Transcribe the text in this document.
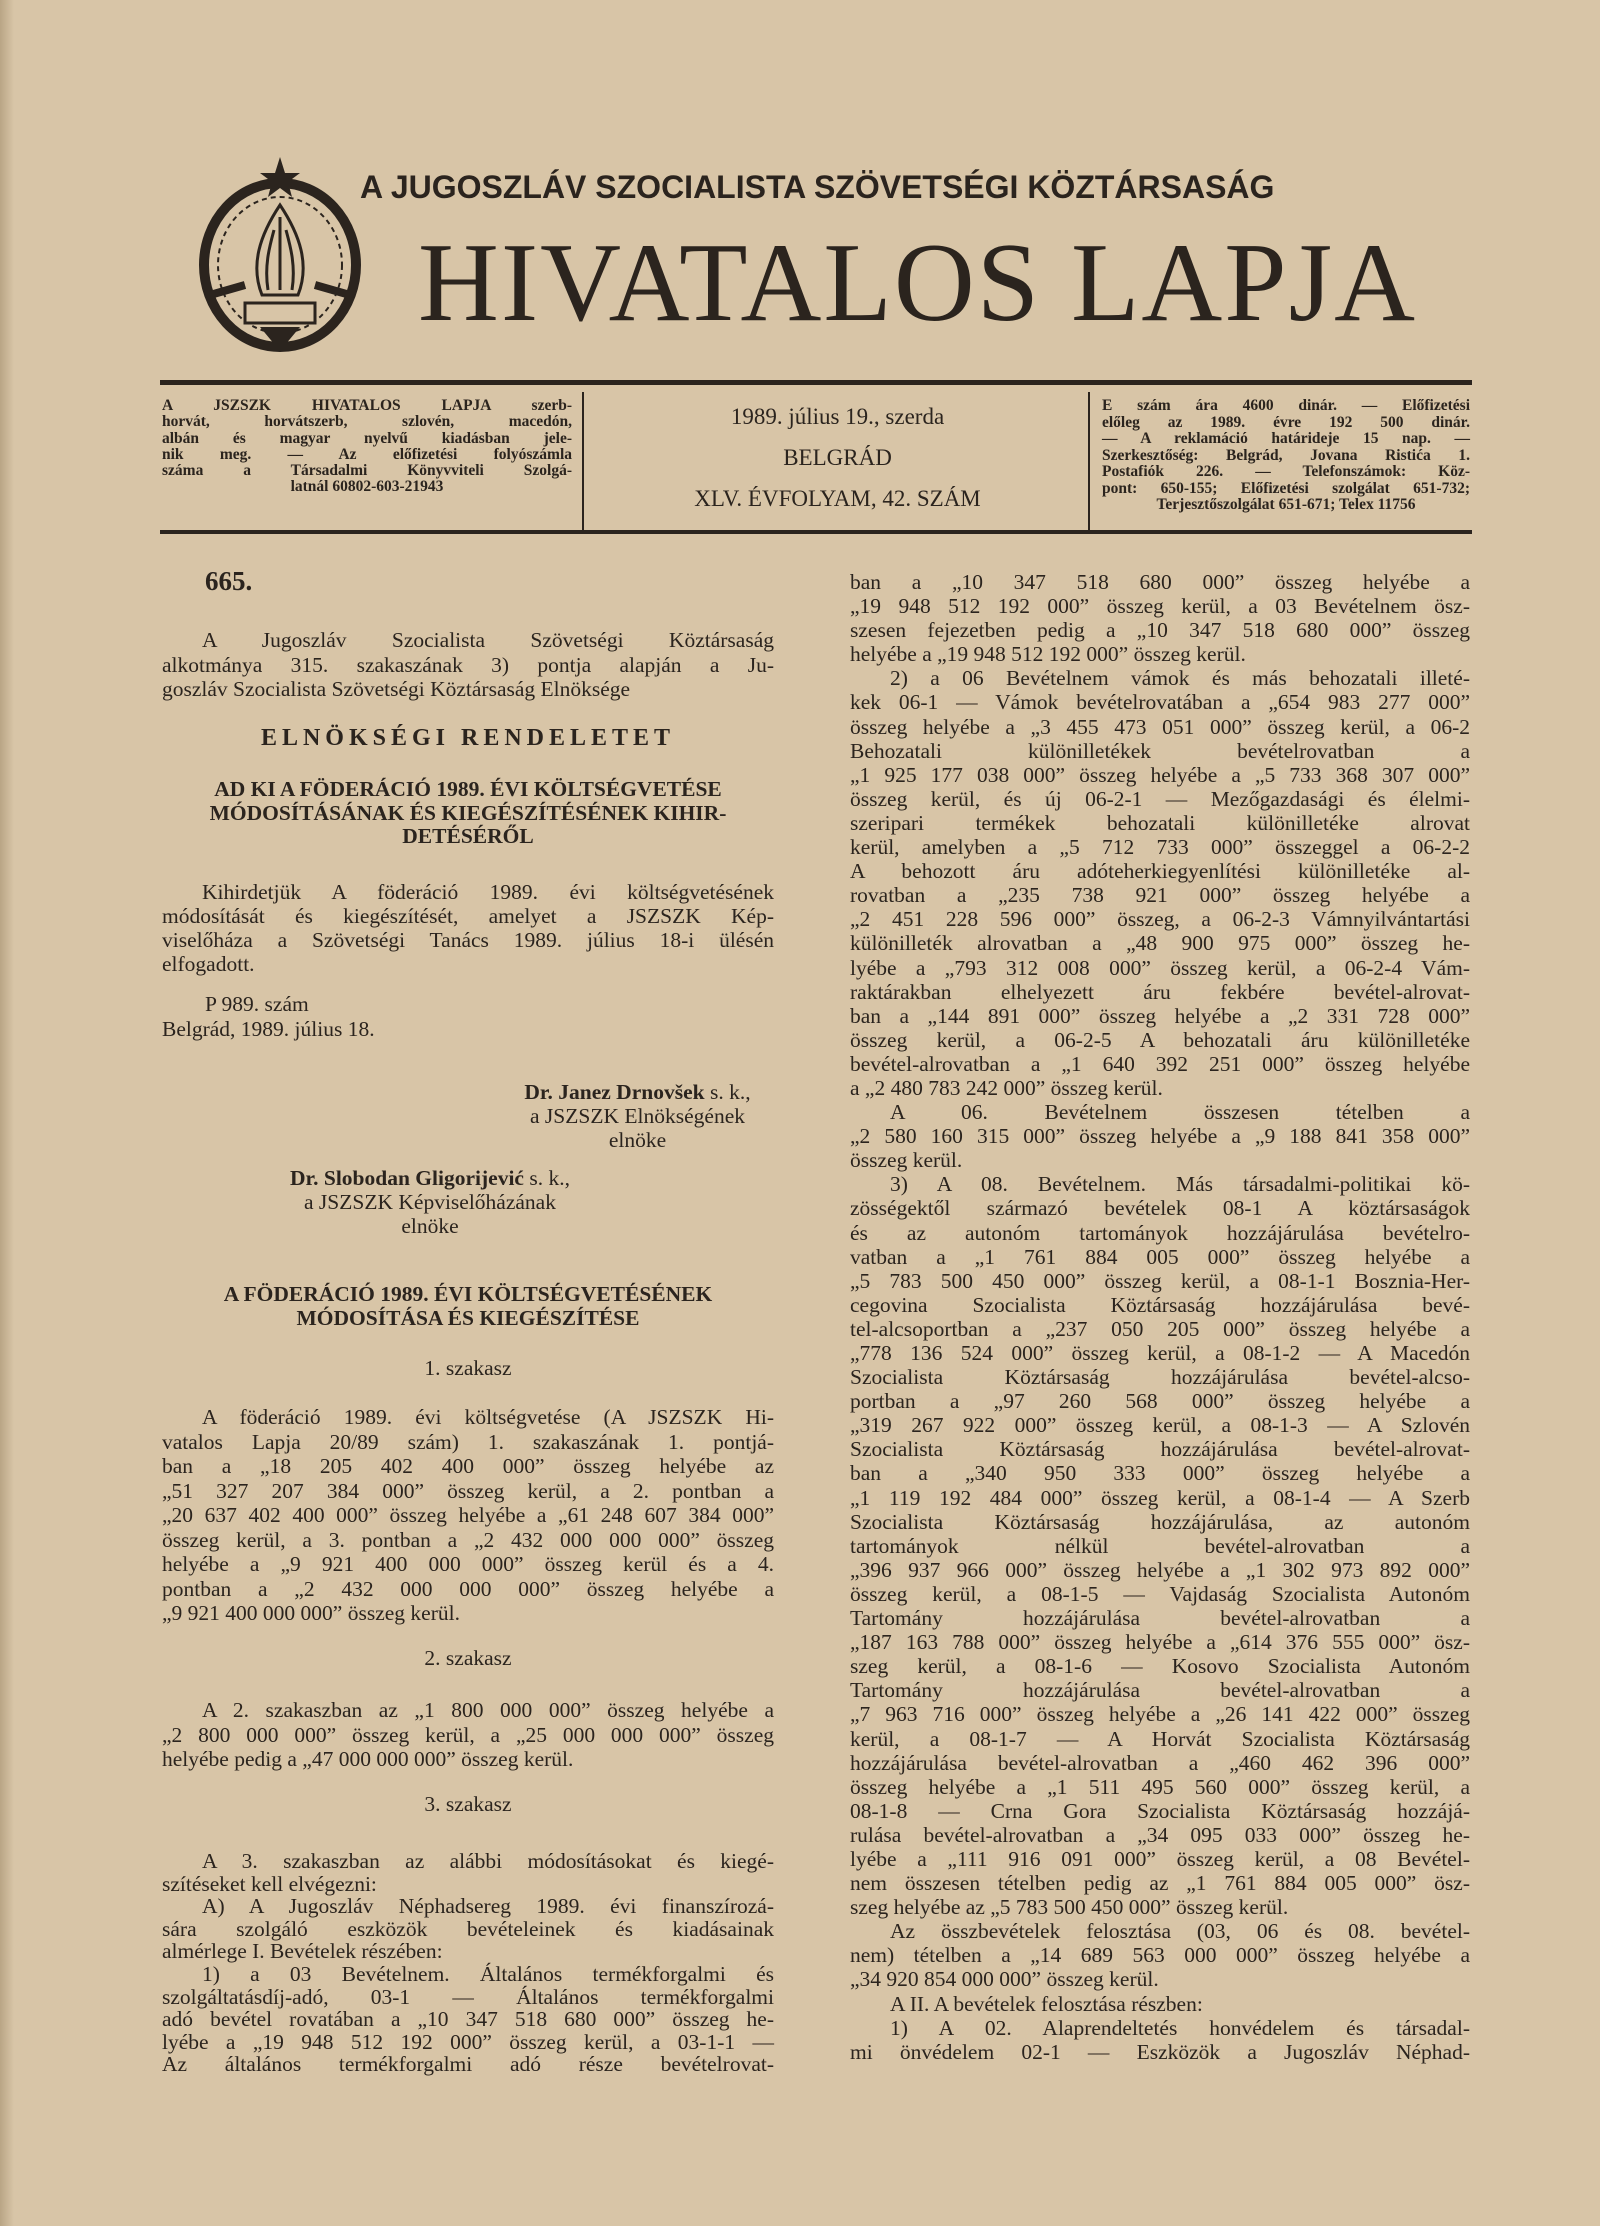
A JUGOSZLÁV SZOCIALISTA SZÖVETSÉGI KÖZTÁRSASÁG
HIVATALOS LAPJA
A JSZSZK HIVATALOS LAPJA szerb-
horvát, horvátszerb, szlovén, macedón,
albán és magyar nyelvű kiadásban jele-
nik meg. — Az előfizetési folyószámla
száma a Társadalmi Könyvviteli Szolgá-
latnál 60802-603-21943
1989. július 19., szerda
BELGRÁD
XLV. ÉVFOLYAM, 42. SZÁM
E szám ára 4600 dinár. — Előfizetési
előleg az 1989. évre 192 500 dinár.
— A reklamáció határideje 15 nap. —
Szerkesztőség: Belgrád, Jovana Ristića 1.
Postafiók 226. — Telefonszámok: Köz-
pont: 650-155; Előfizetési szolgálat 651-732;
Terjesztőszolgálat 651-671; Telex 11756
665.
A Jugoszláv Szocialista Szövetségi Köztársaság
alkotmánya 315. szakaszának 3) pontja alapján a Ju-
goszláv Szocialista Szövetségi Köztársaság Elnöksége
ELNÖKSÉGI RENDELETET
AD KI A FÖDERÁCIÓ 1989. ÉVI KÖLTSÉGVETÉSE
MÓDOSÍTÁSÁNAK ÉS KIEGÉSZÍTÉSÉNEK KIHIR-
DETÉSÉRŐL
Kihirdetjük A föderáció 1989. évi költségvetésének
módosítását és kiegészítését, amelyet a JSZSZK Kép-
viselőháza a Szövetségi Tanács 1989. július 18-i ülésén
elfogadott.
P 989. szám
Belgrád, 1989. július 18.
Dr. Janez Drnovšek s. k.,
a JSZSZK Elnökségének
elnöke
Dr. Slobodan Gligorijević s. k.,
a JSZSZK Képviselőházának
elnöke
A FÖDERÁCIÓ 1989. ÉVI KÖLTSÉGVETÉSÉNEK
MÓDOSÍTÁSA ÉS KIEGÉSZÍTÉSE
1. szakasz
A föderáció 1989. évi költségvetése (A JSZSZK Hi-
vatalos Lapja 20/89 szám) 1. szakaszának 1. pontjá-
ban a „18 205 402 400 000” összeg helyébe az
„51 327 207 384 000” összeg kerül, a 2. pontban a
„20 637 402 400 000” összeg helyébe a „61 248 607 384 000”
összeg kerül, a 3. pontban a „2 432 000 000 000” összeg
helyébe a „9 921 400 000 000” összeg kerül és a 4.
pontban a „2 432 000 000 000” összeg helyébe a
„9 921 400 000 000” összeg kerül.
2. szakasz
A 2. szakaszban az „1 800 000 000” összeg helyébe a
„2 800 000 000” összeg kerül, a „25 000 000 000” összeg
helyébe pedig a „47 000 000 000” összeg kerül.
3. szakasz
A 3. szakaszban az alábbi módosításokat és kiegé-
szítéseket kell elvégezni:
A) A Jugoszláv Néphadsereg 1989. évi finanszírozá-
sára szolgáló eszközök bevételeinek és kiadásainak
almérlege I. Bevételek részében:
1) a 03 Bevételnem. Általános termékforgalmi és
szolgáltatásdíj-adó, 03-1 — Általános termékforgalmi
adó bevétel rovatában a „10 347 518 680 000” összeg he-
lyébe a „19 948 512 192 000” összeg kerül, a 03-1-1 —
Az általános termékforgalmi adó része bevételrovat-
ban a „10 347 518 680 000” összeg helyébe a
„19 948 512 192 000” összeg kerül, a 03 Bevételnem ösz-
szesen fejezetben pedig a „10 347 518 680 000” összeg
helyébe a „19 948 512 192 000” összeg kerül.
2) a 06 Bevételnem vámok és más behozatali illeté-
kek 06-1 — Vámok bevételrovatában a „654 983 277 000”
összeg helyébe a „3 455 473 051 000” összeg kerül, a 06-2
Behozatali különilletékek bevételrovatban a
„1 925 177 038 000” összeg helyébe a „5 733 368 307 000”
összeg kerül, és új 06-2-1 — Mezőgazdasági és élelmi-
szeripari termékek behozatali különilletéke alrovat
kerül, amelyben a „5 712 733 000” összeggel a 06-2-2
A behozott áru adóteherkiegyenlítési különilletéke al-
rovatban a „235 738 921 000” összeg helyébe a
„2 451 228 596 000” összeg, a 06-2-3 Vámnyilvántartási
különilleték alrovatban a „48 900 975 000” összeg he-
lyébe a „793 312 008 000” összeg kerül, a 06-2-4 Vám-
raktárakban elhelyezett áru fekbére bevétel-alrovat-
ban a „144 891 000” összeg helyébe a „2 331 728 000”
összeg kerül, a 06-2-5 A behozatali áru különilletéke
bevétel-alrovatban a „1 640 392 251 000” összeg helyébe
a „2 480 783 242 000” összeg kerül.
A 06. Bevételnem összesen tételben a
„2 580 160 315 000” összeg helyébe a „9 188 841 358 000”
összeg kerül.
3) A 08. Bevételnem. Más társadalmi-politikai kö-
zösségektől származó bevételek 08-1 A köztársaságok
és az autonóm tartományok hozzájárulása bevételro-
vatban a „1 761 884 005 000” összeg helyébe a
„5 783 500 450 000” összeg kerül, a 08-1-1 Bosznia-Her-
cegovina Szocialista Köztársaság hozzájárulása bevé-
tel-alcsoportban a „237 050 205 000” összeg helyébe a
„778 136 524 000” összeg kerül, a 08-1-2 — A Macedón
Szocialista Köztársaság hozzájárulása bevétel-alcso-
portban a „97 260 568 000” összeg helyébe a
„319 267 922 000” összeg kerül, a 08-1-3 — A Szlovén
Szocialista Köztársaság hozzájárulása bevétel-alrovat-
ban a „340 950 333 000” összeg helyébe a
„1 119 192 484 000” összeg kerül, a 08-1-4 — A Szerb
Szocialista Köztársaság hozzájárulása, az autonóm
tartományok nélkül bevétel-alrovatban a
„396 937 966 000” összeg helyébe a „1 302 973 892 000”
összeg kerül, a 08-1-5 — Vajdaság Szocialista Autonóm
Tartomány hozzájárulása bevétel-alrovatban a
„187 163 788 000” összeg helyébe a „614 376 555 000” ösz-
szeg kerül, a 08-1-6 — Kosovo Szocialista Autonóm
Tartomány hozzájárulása bevétel-alrovatban a
„7 963 716 000” összeg helyébe a „26 141 422 000” összeg
kerül, a 08-1-7 — A Horvát Szocialista Köztársaság
hozzájárulása bevétel-alrovatban a „460 462 396 000”
összeg helyébe a „1 511 495 560 000” összeg kerül, a
08-1-8 — Crna Gora Szocialista Köztársaság hozzájá-
rulása bevétel-alrovatban a „34 095 033 000” összeg he-
lyébe a „111 916 091 000” összeg kerül, a 08 Bevétel-
nem összesen tételben pedig az „1 761 884 005 000” ösz-
szeg helyébe az „5 783 500 450 000” összeg kerül.
Az összbevételek felosztása (03, 06 és 08. bevétel-
nem) tételben a „14 689 563 000 000” összeg helyébe a
„34 920 854 000 000” összeg kerül.
A II. A bevételek felosztása részben:
1) A 02. Alaprendeltetés honvédelem és társadal-
mi önvédelem 02-1 — Eszközök a Jugoszláv Néphad-
